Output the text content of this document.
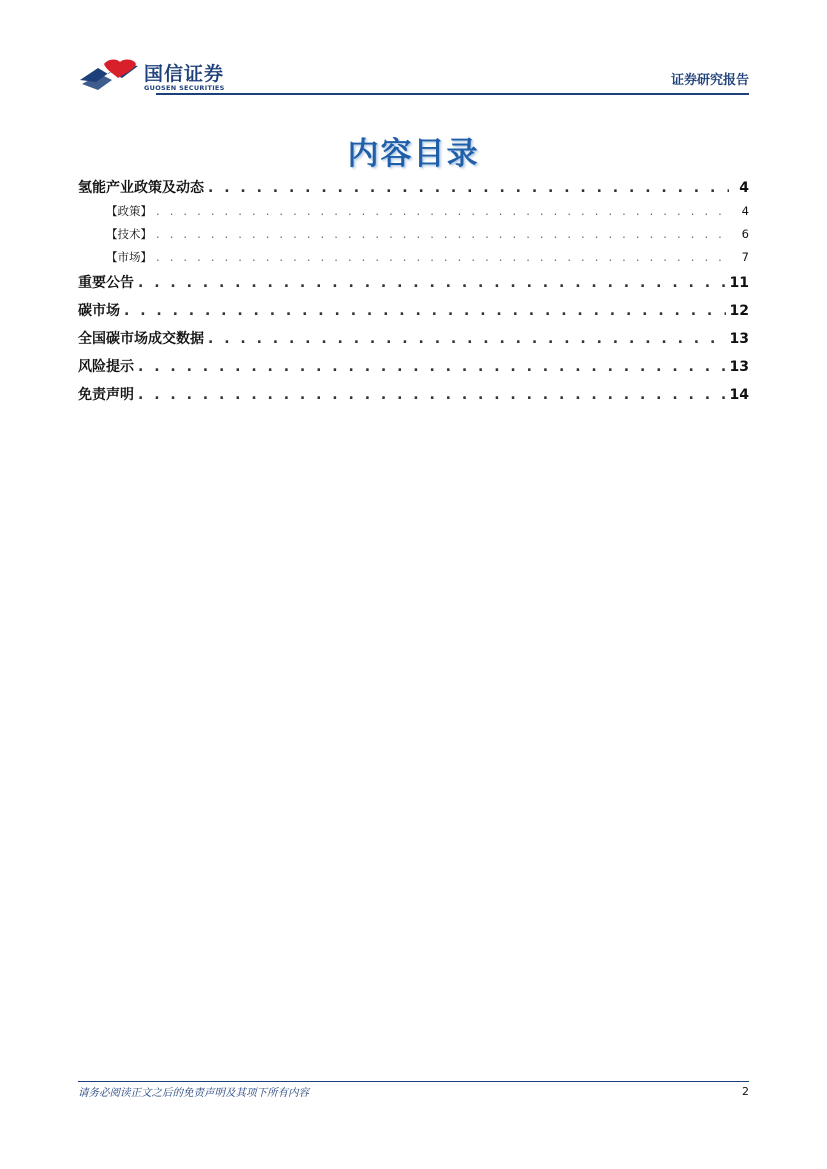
国信证券
GUOSEN SECURITIES	证券研究报告
内容目录
氢能产业政策及动态 . . .	4
【政策】 . . .	4
【技术】 . . .	6
【市场】 . . .	7
重要公告 . . .	11
碳市场 . . .	12
全国碳市场成交数据 . . .	13
风险提示 . . .	13
免责声明 . . .	14
请务必阅读正文之后的免责声明及其项下所有内容	2
